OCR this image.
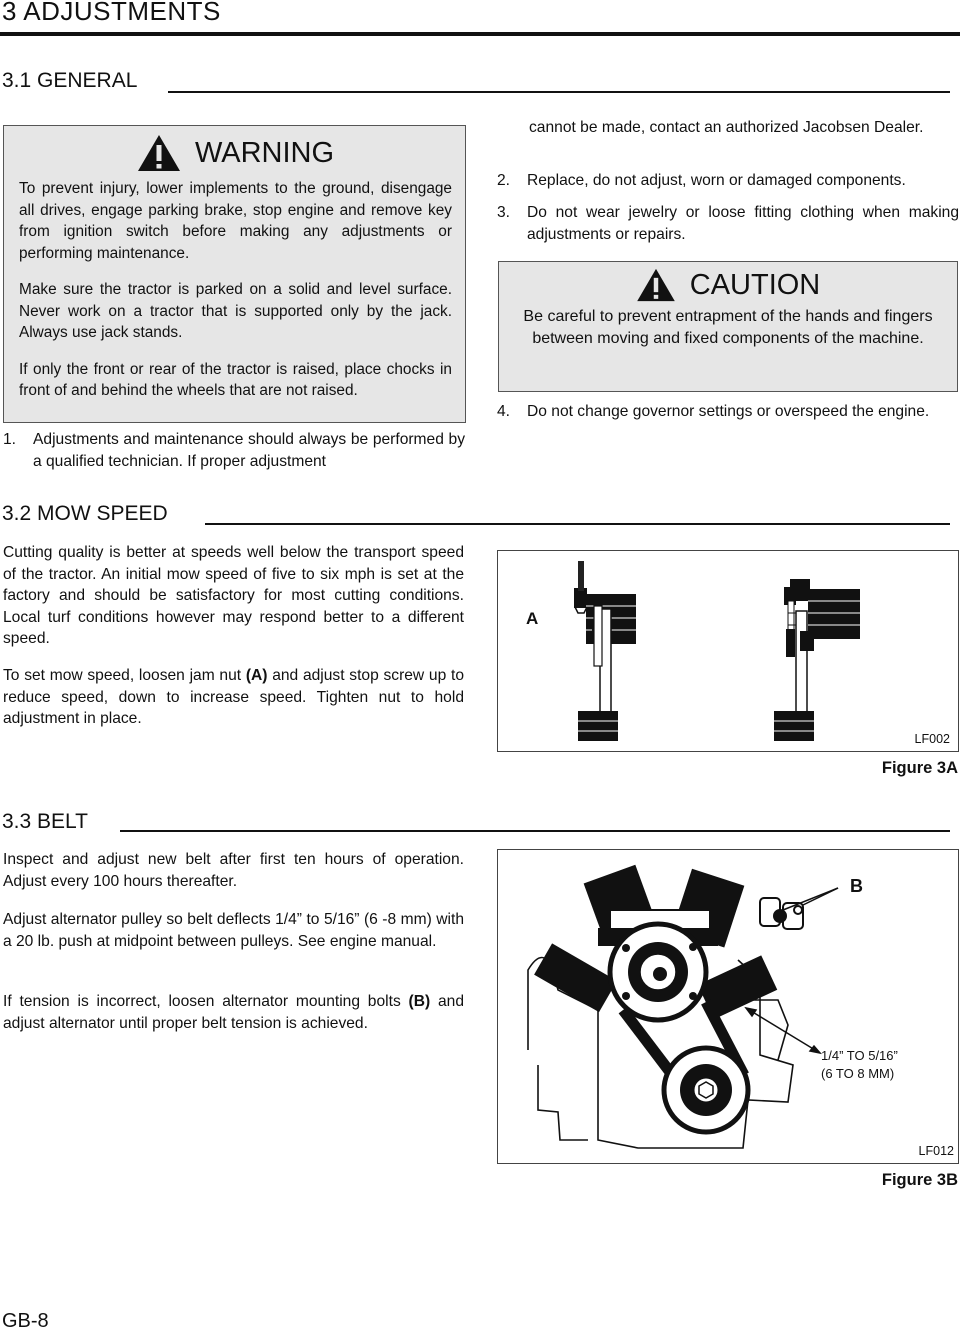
3 ADJUSTMENTS
3.1 GENERAL
WARNING

To prevent injury, lower implements to the ground, disengage all drives, engage parking brake, stop engine and remove key from ignition switch before making any adjustments or performing maintenance.

Make sure the tractor is parked on a solid and level surface. Never work on a tractor that is supported only by the jack. Always use jack stands.

If only the front or rear of the tractor is raised, place chocks in front of and behind the wheels that are not raised.

1.	Adjustments and maintenance should always be performed by a qualified technician. If proper adjustment
cannot be made, contact an authorized Jacobsen Dealer.
2.	Replace, do not adjust, worn or damaged components.
3.	Do not wear jewelry or loose fitting clothing when making adjustments or repairs.
CAUTION
Be careful to prevent entrapment of the hands and fingers between moving and fixed components of the machine.
4.	Do not change governor settings or overspeed the engine.
3.2 MOW SPEED
Cutting quality is better at speeds well below the transport speed of the tractor. An initial mow speed of five to six mph is set at the factory and should be satisfactory for most cutting conditions. Local turf conditions however may respond better to a different speed.
To set mow speed, loosen jam nut (A) and adjust stop screw up to reduce speed, down to increase speed. Tighten nut to hold adjustment in place.
A
LF002
Figure 3A
3.3 BELT
Inspect and adjust new belt after first ten hours of operation. Adjust every 100 hours thereafter.
Adjust alternator pulley so belt deflects 1/4” to 5/16” (6 -8 mm) with a 20 lb. push at midpoint between pulleys. See engine manual.
If tension is incorrect, loosen alternator mounting bolts (B) and adjust alternator until proper belt tension is achieved.
B
1/4” TO 5/16”
(6 TO 8 MM)
LF012
Figure 3B
GB-8
